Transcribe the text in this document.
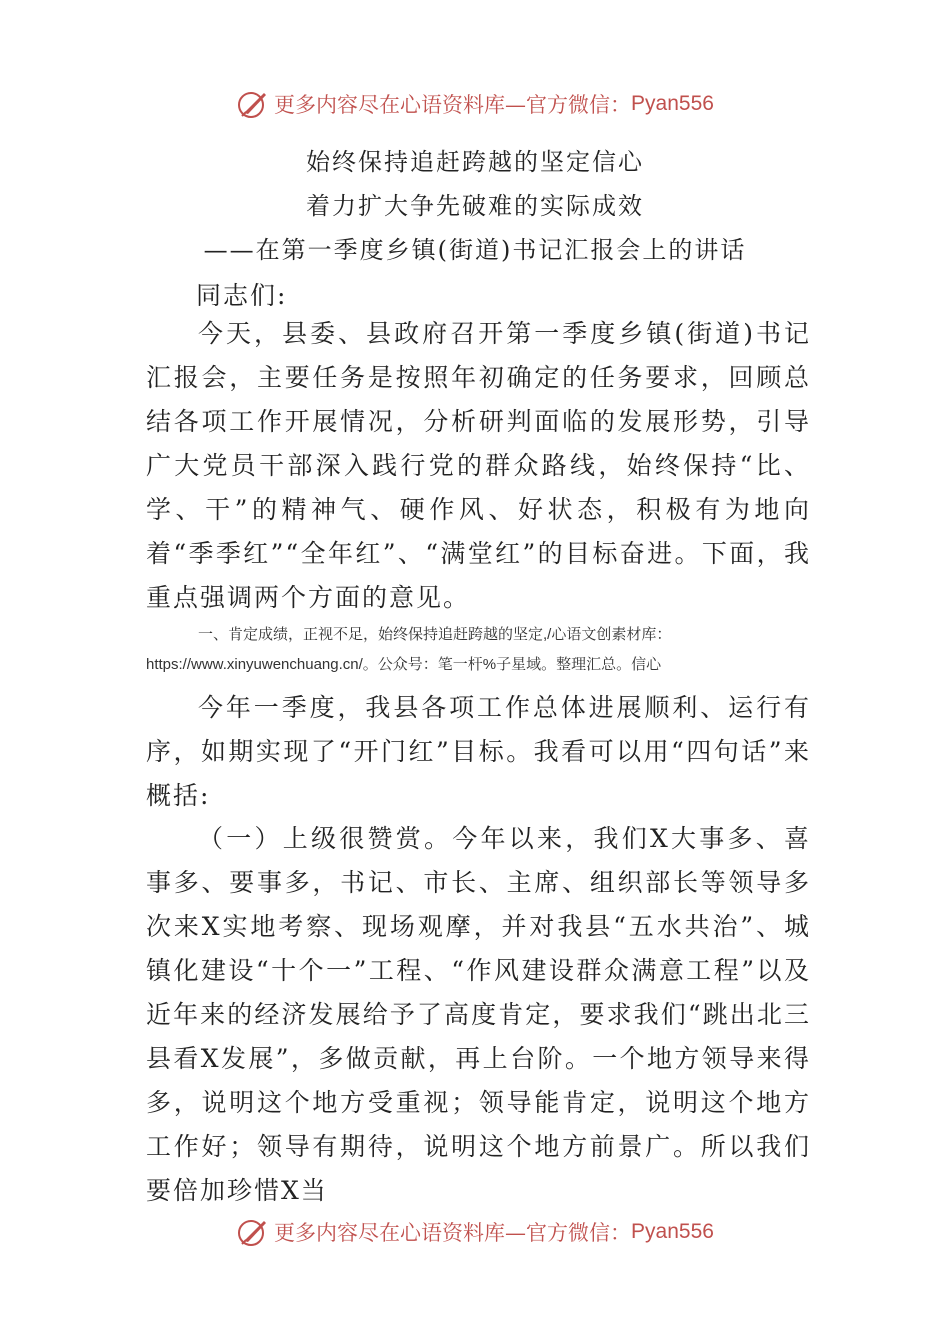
更多内容尽在心语资料库—官方微信： Pyan556
始终保持追赶跨越的坚定信心
着力扩大争先破难的实际成效
——在第一季度乡镇(街道)书记汇报会上的讲话
同志们:
今天，县委、县政府召开第一季度乡镇(街道)书记汇报会，主要任务是按照年初确定的任务要求，回顾总结各项工作开展情况，分析研判面临的发展形势，引导广大党员干部深入践行党的群众路线，始终保持“比、学、干”的精神气、硬作风、好状态，积极有为地向着“季季红”“全年红”、“满堂红”的目标奋进。下面，我重点强调两个方面的意见。
一、肯定成绩，正视不足，始终保持追赶跨越的坚定,/心语文创素材库：https://www.xinyuwenchuang.cn/。公众号：笔一杆%子星域。整理汇总。信心
今年一季度，我县各项工作总体进展顺利、运行有序，如期实现了“开门红”目标。我看可以用“四句话”来概括:
（一）上级很赞赏。今年以来，我们X大事多、喜事多、要事多，书记、市长、主席、组织部长等领导多次来X实地考察、现场观摩，并对我县“五水共治”、城镇化建设“十个一”工程、“作风建设群众满意工程”以及近年来的经济发展给予了高度肯定，要求我们“跳出北三县看X发展”，多做贡献，再上台阶。一个地方领导来得多，说明这个地方受重视；领导能肯定，说明这个地方工作好；领导有期待，说明这个地方前景广。所以我们要倍加珍惜X当
更多内容尽在心语资料库—官方微信： Pyan556
